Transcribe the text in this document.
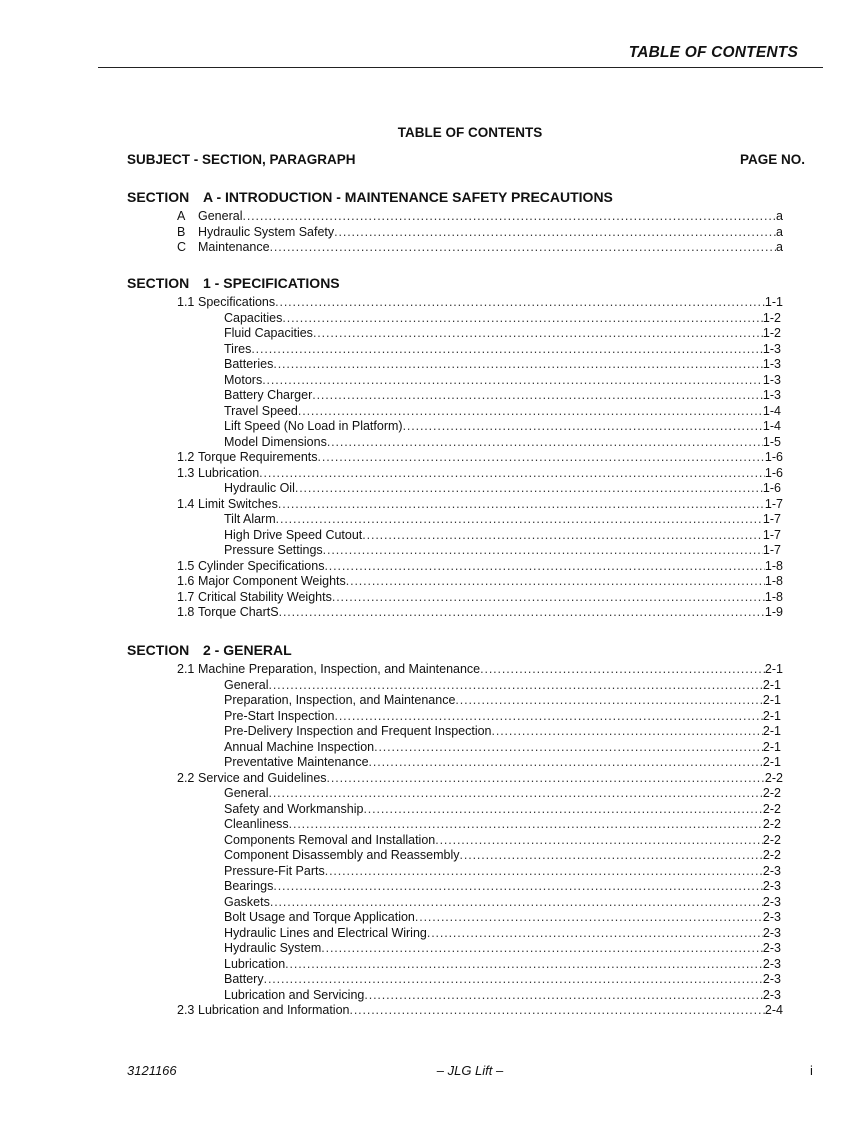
TABLE OF CONTENTS
TABLE OF CONTENTS
SUBJECT - SECTION, PARAGRAPH	PAGE NO.
SECTION A - INTRODUCTION - MAINTENANCE SAFETY PRECAUTIONS
A	General . . .	a
B	Hydraulic System Safety . . .	a
C Maintenance . . .	a
SECTION 1 - SPECIFICATIONS
1.1 Specifications . . .	1-1
Capacities . . .	1-2
Fluid Capacities . . .	1-2
Tires . . .	1-3
Batteries . . .	1-3
Motors . . .	1-3
Battery Charger . . .	1-3
Travel Speed . . .	1-4
Lift Speed (No Load in Platform) . . .	1-4
Model Dimensions . . .	1-5
1.2 Torque Requirements . . .	1-6
1.3 Lubrication . . .	1-6
Hydraulic Oil . . .	1-6
1.4 Limit Switches . . .	1-7
Tilt Alarm . . .	1-7
High Drive Speed Cutout . . .	1-7
Pressure Settings . . .	1-7
1.5 Cylinder Specifications . . .	1-8
1.6 Major Component Weights . . .	1-8
1.7 Critical Stability Weights . . .	1-8
1.8 Torque ChartS . . .	1-9
SECTION 2 - GENERAL
2.1 Machine Preparation, Inspection, and Maintenance . . .	2-1
General . . .	2-1
Preparation, Inspection, and Maintenance . . .	2-1
Pre-Start Inspection . . .	2-1
Pre-Delivery Inspection and Frequent Inspection . . .	2-1
Annual Machine Inspection . . .	2-1
Preventative Maintenance . . .	2-1
2.2 Service and Guidelines . . .	2-2
General . . .	2-2
Safety and Workmanship . . .	2-2
Cleanliness . . .	2-2
Components Removal and Installation . . .	2-2
Component Disassembly and Reassembly . . .	2-2
Pressure-Fit Parts . . .	2-3
Bearings . . .	2-3
Gaskets . . .	2-3
Bolt Usage and Torque Application . . .	2-3
Hydraulic Lines and Electrical Wiring . . .	2-3
Hydraulic System . . .	2-3
Lubrication . . .	2-3
Battery . . .	2-3
Lubrication and Servicing . . .	2-3
2.3 Lubrication and Information . . .	2-4
3121166	– JLG Lift –	i
